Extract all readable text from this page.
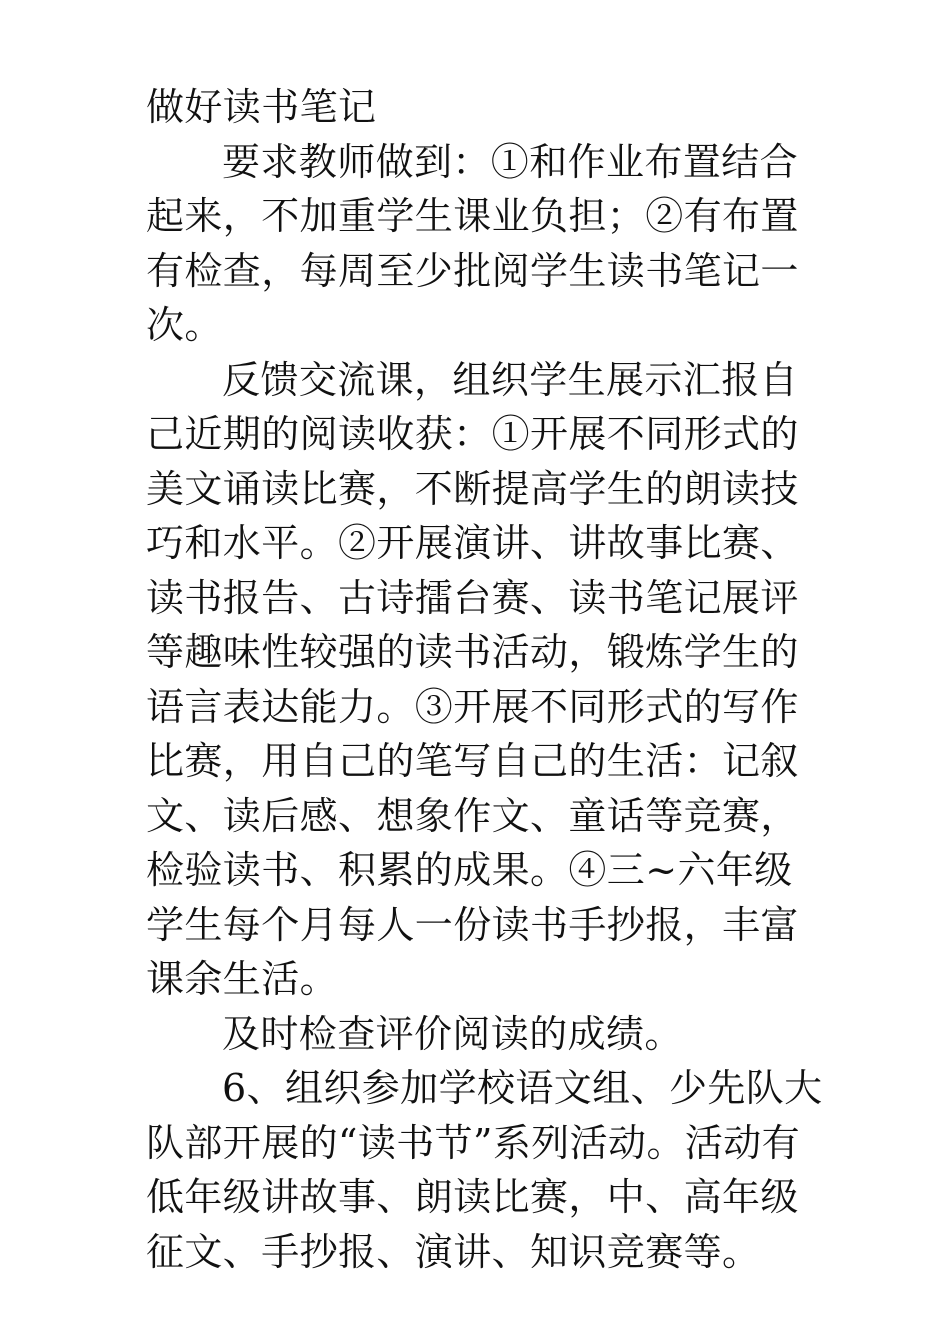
做好读书笔记

要求教师做到：①和作业布置结合起来，不加重学生课业负担；②有布置有检查，每周至少批阅学生读书笔记一次。

反馈交流课，组织学生展示汇报自己近期的阅读收获：①开展不同形式的美文诵读比赛，不断提高学生的朗读技巧和水平。②开展演讲、讲故事比赛、读书报告、古诗擂台赛、读书笔记展评等趣味性较强的读书活动，锻炼学生的语言表达能力。③开展不同形式的写作比赛，用自己的笔写自己的生活：记叙文、读后感、想象作文、童话等竞赛，检验读书、积累的成果。④三~六年级学生每个月每人一份读书手抄报，丰富课余生活。

及时检查评价阅读的成绩。

6、组织参加学校语文组、少先队大队部开展的“读书节”系列活动。活动有低年级讲故事、朗读比赛，中、高年级征文、手抄报、演讲、知识竞赛等。
